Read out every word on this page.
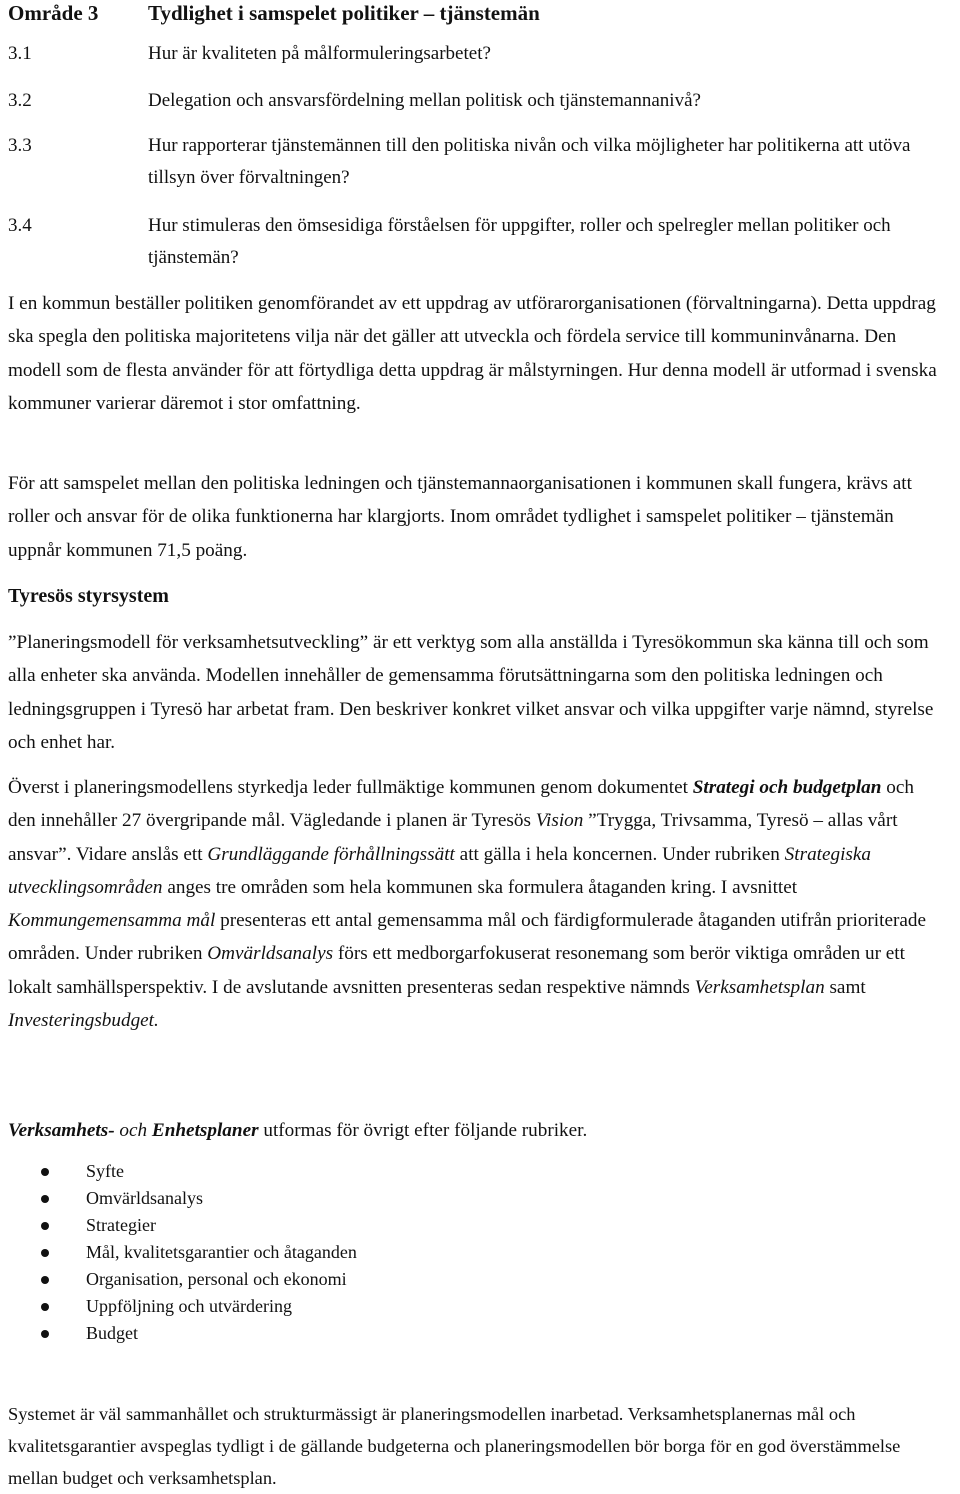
Område 3 Tydlighet i samspelet politiker – tjänstemän
3.1	Hur är kvaliteten på målformuleringsarbetet?
3.2	Delegation och ansvarsfördelning mellan politisk och tjänstemannanivå?
3.3	Hur rapporterar tjänstemännen till den politiska nivån och vilka möjligheter har politikerna att utöva tillsyn över förvaltningen?
3.4	Hur stimuleras den ömsesidiga förståelsen för uppgifter, roller och spelregler mellan politiker och tjänstemän?

I en kommun beställer politiken genomförandet av ett uppdrag av utförarorganisationen (förvaltningarna). Detta uppdrag ska spegla den politiska majoritetens vilja när det gäller att utveckla och fördela service till kommuninvånarna. Den modell som de flesta använder för att förtydliga detta uppdrag är målstyrningen. Hur denna modell är utformad i svenska kommuner varierar däremot i stor omfattning.

För att samspelet mellan den politiska ledningen och tjänstemannaorganisationen i kommunen skall fungera, krävs att roller och ansvar för de olika funktionerna har klargjorts. Inom området tydlighet i samspelet politiker – tjänstemän uppnår kommunen 71,5 poäng.

Tyresös styrsystem

”Planeringsmodell för verksamhetsutveckling” är ett verktyg som alla anställda i Tyresökommun ska känna till och som alla enheter ska använda. Modellen innehåller de gemensamma förutsättningarna som den politiska ledningen och ledningsgruppen i Tyresö har arbetat fram. Den beskriver konkret vilket ansvar och vilka uppgifter varje nämnd, styrelse och enhet har.

Överst i planeringsmodellens styrkedja leder fullmäktige kommunen genom dokumentet Strategi och budgetplan och den innehåller 27 övergripande mål. Vägledande i planen är Tyresös Vision ”Trygga, Trivsamma, Tyresö – allas vårt ansvar”. Vidare anslås ett Grundläggande förhållningssätt att gälla i hela koncernen. Under rubriken Strategiska utvecklingsområden anges tre områden som hela kommunen ska formulera åtaganden kring. I avsnittet Kommungemensamma mål presenteras ett antal gemensamma mål och färdigformulerade åtaganden utifrån prioriterade områden. Under rubriken Omvärldsanalys förs ett medborgarfokuserat resonemang som berör viktiga områden ur ett lokalt samhällsperspektiv. I de avslutande avsnitten presenteras sedan respektive nämnds Verksamhetsplan samt Investeringsbudget.

Verksamhets- och Enhetsplaner utformas för övrigt efter följande rubriker.

Syfte
Omvärldsanalys
Strategier
Mål, kvalitetsgarantier och åtaganden
Organisation, personal och ekonomi
Uppföljning och utvärdering
Budget

Systemet är väl sammanhållet och strukturmässigt är planeringsmodellen inarbetad. Verksamhetsplanernas mål och kvalitetsgarantier avspeglas tydligt i de gällande budgeterna och planeringsmodellen bör borga för en god överstämmelse mellan budget och verksamhetsplan.
